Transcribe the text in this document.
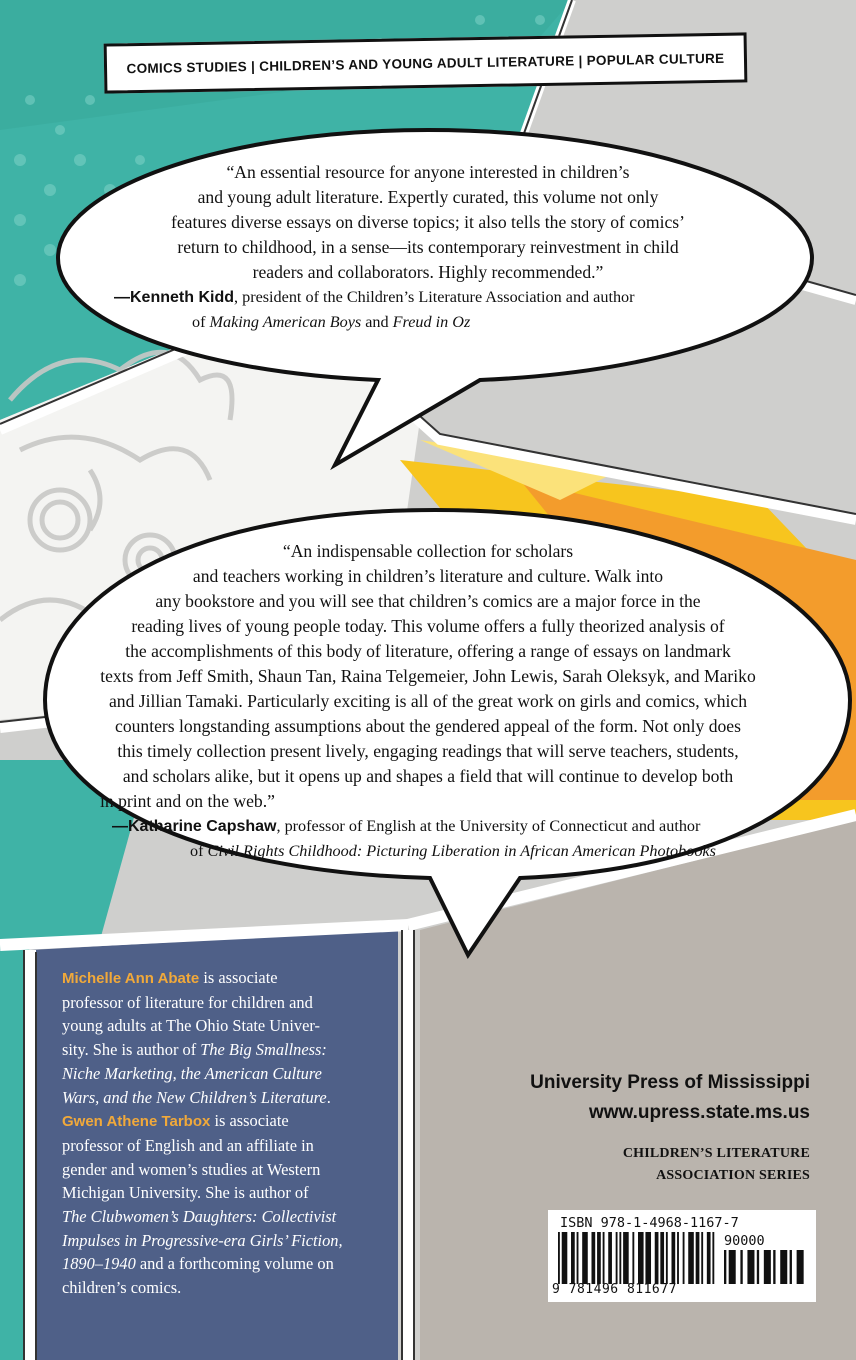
COMICS STUDIES | CHILDREN’S AND YOUNG ADULT LITERATURE | POPULAR CULTURE
“An essential resource for anyone interested in children’s
and young adult literature. Expertly curated, this volume not only
features diverse essays on diverse topics; it also tells the story of comics’
return to childhood, in a sense—its contemporary reinvestment in child
readers and collaborators. Highly recommended.”
—Kenneth Kidd, president of the Children’s Literature Association and author
of Making American Boys and Freud in Oz
“An indispensable collection for scholars
and teachers working in children’s literature and culture. Walk into
any bookstore and you will see that children’s comics are a major force in the
reading lives of young people today. This volume offers a fully theorized analysis of
the accomplishments of this body of literature, offering a range of essays on landmark
texts from Jeff Smith, Shaun Tan, Raina Telgemeier, John Lewis, Sarah Oleksyk, and Mariko
and Jillian Tamaki. Particularly exciting is all of the great work on girls and comics, which
counters longstanding assumptions about the gendered appeal of the form. Not only does
this timely collection present lively, engaging readings that will serve teachers, students,
and scholars alike, but it opens up and shapes a field that will continue to develop both
in print and on the web.”
—Katharine Capshaw, professor of English at the University of Connecticut and author
of Civil Rights Childhood: Picturing Liberation in African American Photobooks
Michelle Ann Abate is associate
professor of literature for children and
young adults at The Ohio State Univer-
sity. She is author of The Big Smallness:
Niche Marketing, the American Culture
Wars, and the New Children’s Literature.
Gwen Athene Tarbox is associate
professor of English and an affiliate in
gender and women’s studies at Western
Michigan University. She is author of
The Clubwomen’s Daughters: Collectivist
Impulses in Progressive-era Girls’ Fiction,
1890–1940 and a forthcoming volume on
children’s comics.
University Press of Mississippi
www.upress.state.ms.us
CHILDREN’S LITERATURE
ASSOCIATION SERIES
ISBN 978-1-4968-1167-7
90000
9 781496 811677
